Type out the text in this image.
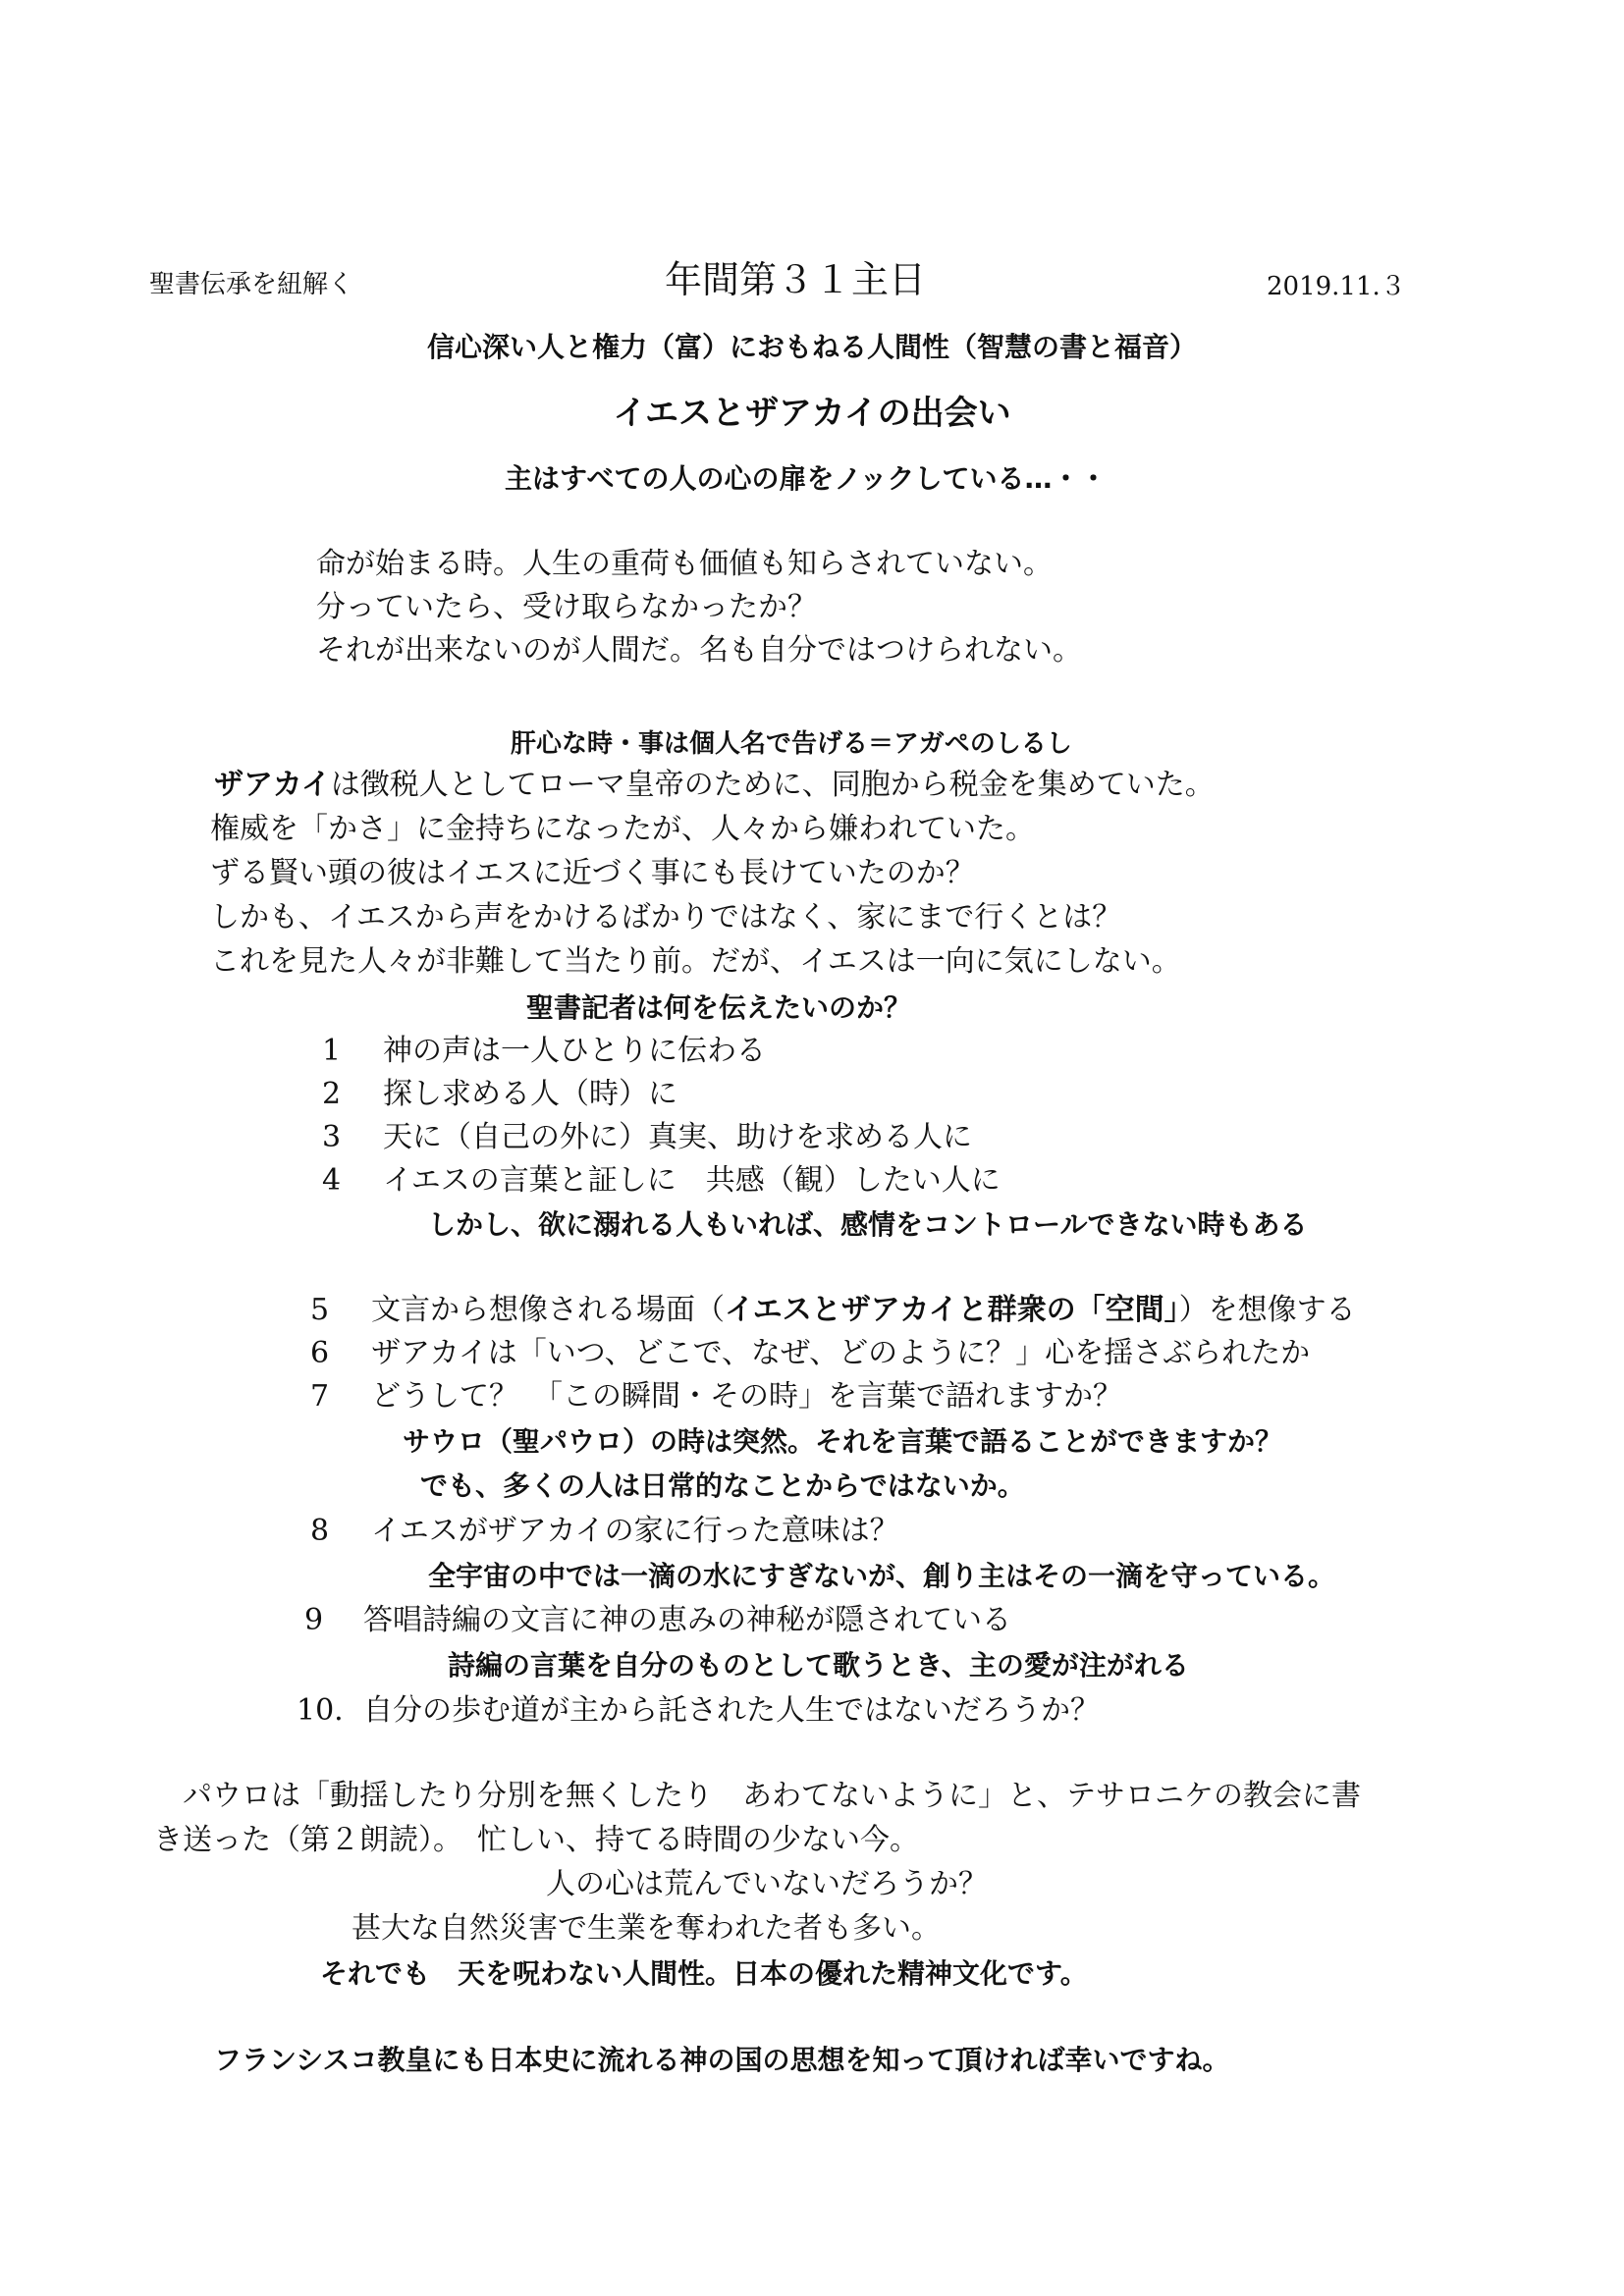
聖書伝承を紐解く	年間第３１主日	2019.11.３
信心深い人と権力（富）におもねる人間性（智慧の書と福音）
イエスとザアカイの出会い
主はすべての人の心の扉をノックしている…・・
命が始まる時。人生の重荷も価値も知らされていない。
分っていたら、受け取らなかったか？
それが出来ないのが人間だ。名も自分ではつけられない。
肝心な時・事は個人名で告げる＝アガペのしるし
ザアカイは徴税人としてローマ皇帝のために、同胞から税金を集めていた。
権威を「かさ」に金持ちになったが、人々から嫌われていた。
ずる賢い頭の彼はイエスに近づく事にも長けていたのか？
しかも、イエスから声をかけるばかりではなく、家にまで行くとは？
これを見た人々が非難して当たり前。だが、イエスは一向に気にしない。
聖書記者は何を伝えたいのか？
1 神の声は一人ひとりに伝わる
2 探し求める人（時）に
3 天に（自己の外に）真実、助けを求める人に
4 イエスの言葉と証しに　共感（観）したい人に
しかし、欲に溺れる人もいれば、感情をコントロールできない時もある
5 文言から想像される場面（イエスとザアカイと群衆の「空間」）を想像する
6 ザアカイは「いつ、どこで、なぜ、どのように？」心を揺さぶられたか
7 どうして？　「この瞬間・その時」を言葉で語れますか？
サウロ（聖パウロ）の時は突然。それを言葉で語ることができますか？
でも、多くの人は日常的なことからではないか。
8 イエスがザアカイの家に行った意味は？
全宇宙の中では一滴の水にすぎないが、創り主はその一滴を守っている。
9 答唱詩編の文言に神の恵みの神秘が隠されている
詩編の言葉を自分のものとして歌うとき、主の愛が注がれる
10. 自分の歩む道が主から託された人生ではないだろうか？
パウロは「動揺したり分別を無くしたり　あわてないように」と、テサロニケの教会に書
き送った（第２朗読）。　忙しい、持てる時間の少ない今。
人の心は荒んでいないだろうか？
甚大な自然災害で生業を奪われた者も多い。
それでも　天を呪わない人間性。日本の優れた精神文化です。
フランシスコ教皇にも日本史に流れる神の国の思想を知って頂ければ幸いですね。
